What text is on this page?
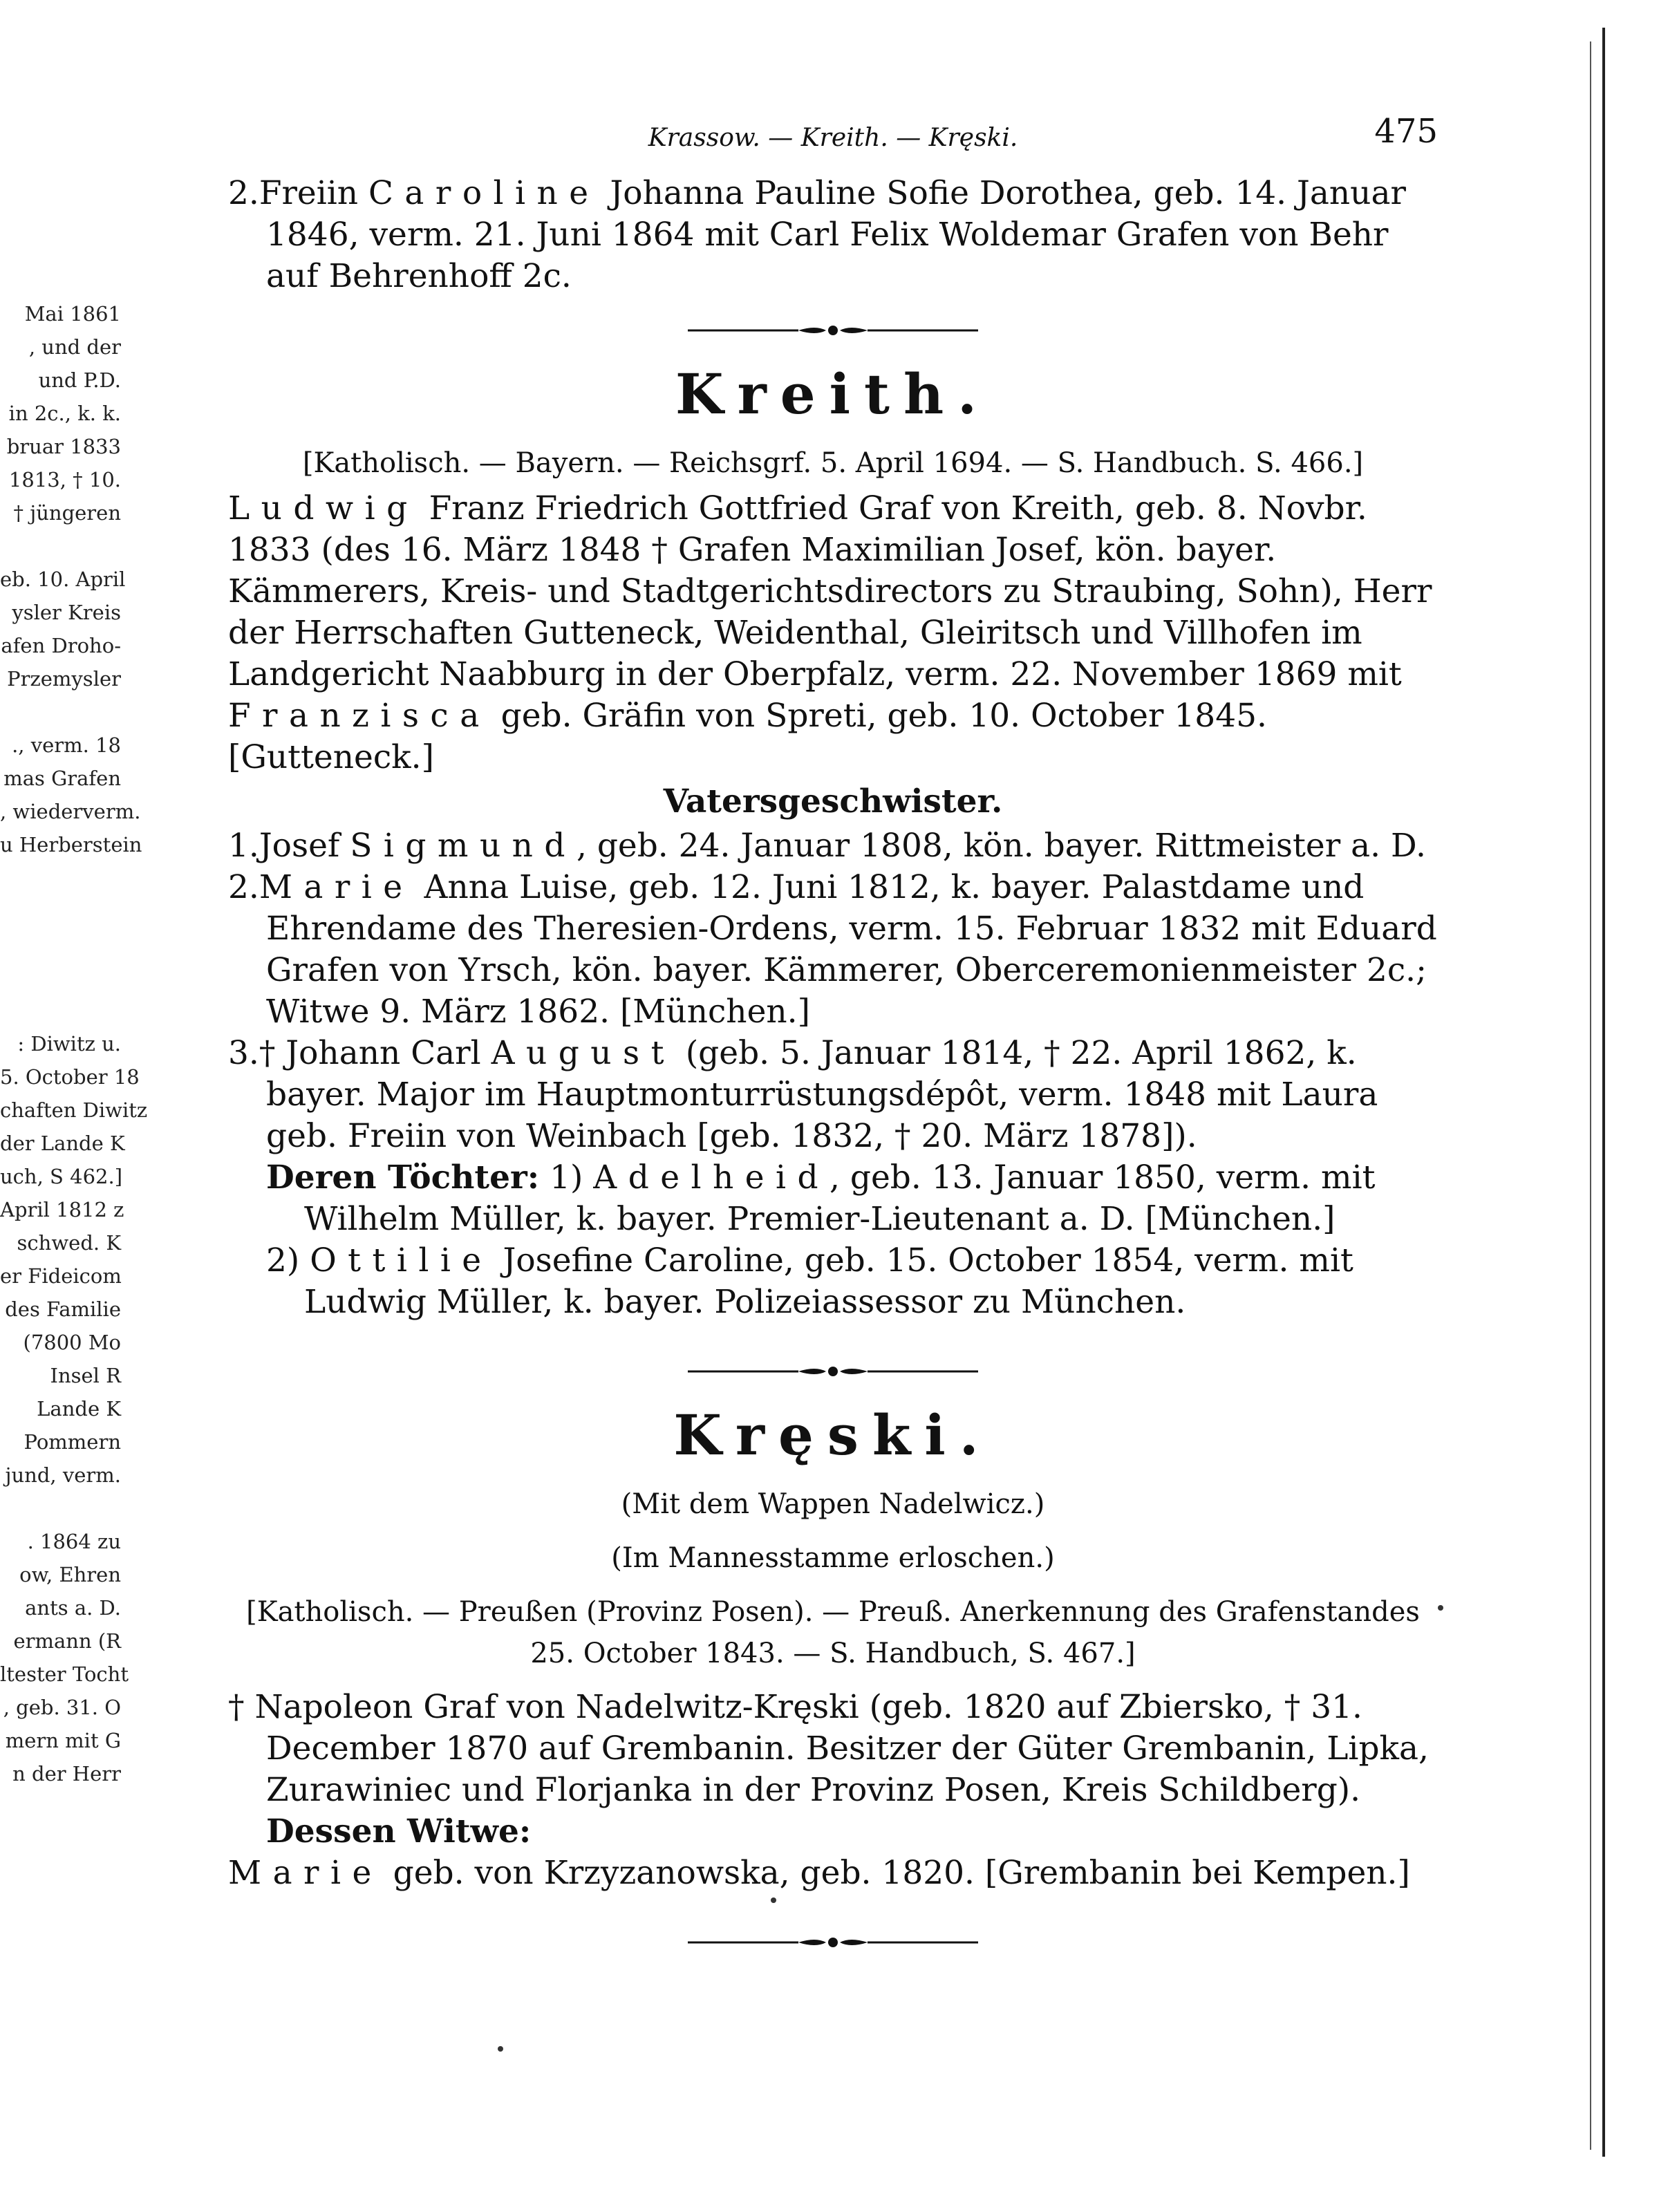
Mai 1861
, und der
und P.D.
in 2c., k. k.
bruar 1833
1813, † 10.
† jüngeren

eb. 10. April
ysler Kreis
afen Droho-
Przemysler

., verm. 18
mas Grafen
, wiederverm.
u Herberstein

: Diwitz u.
5. October 18
chaften Diwitz
der Lande K
uch, S 462.]
April 1812 z
schwed. K
er Fideicom
des Familie
(7800 Mo
Insel R
Lande K
Pommern
jund, verm.

. 1864 zu
ow, Ehren
ants a. D.
ermann (R
ltester Tocht
, geb. 31. O
mern mit G
n der Herr
Krassow. — Kreith. — Kręski.	475

2.Freiin Caroline Johanna Pauline Sofie Dorothea, geb. 14. Januar 1846, verm. 21. Juni 1864 mit Carl Felix Woldemar Grafen von Behr auf Behrenhoff 2c.

Kreith.

[Katholisch. — Bayern. — Reichsgrf. 5. April 1694. — S. Handbuch. S. 466.]

Ludwig Franz Friedrich Gottfried Graf von Kreith, geb. 8. Novbr. 1833 (des 16. März 1848 † Grafen Maximilian Josef, kön. bayer. Kämmerers, Kreis- und Stadtgerichtsdirectors zu Straubing, Sohn), Herr der Herrschaften Gutteneck, Weidenthal, Gleiritsch und Villhofen im Landgericht Naabburg in der Oberpfalz, verm. 22. November 1869 mit

Franzisca geb. Gräfin von Spreti, geb. 10. October 1845. [Gutteneck.]

Vatersgeschwister.

1.Josef Sigmund, geb. 24. Januar 1808, kön. bayer. Rittmeister a. D.

2.Marie Anna Luise, geb. 12. Juni 1812, k. bayer. Palastdame und Ehrendame des Theresien-Ordens, verm. 15. Februar 1832 mit Eduard Grafen von Yrsch, kön. bayer. Kämmerer, Oberceremonienmeister 2c.; Witwe 9. März 1862. [München.]

3.† Johann Carl August (geb. 5. Januar 1814, † 22. April 1862, k. bayer. Major im Hauptmonturrüstungsdépôt, verm. 1848 mit Laura geb. Freiin von Weinbach [geb. 1832, † 20. März 1878]).

Deren Töchter: 1) Adelheid, geb. 13. Januar 1850, verm. mit Wilhelm Müller, k. bayer. Premier-Lieutenant a. D. [München.]

2) Ottilie Josefine Caroline, geb. 15. October 1854, verm. mit Ludwig Müller, k. bayer. Polizeiassessor zu München.

Kręski.

(Mit dem Wappen Nadelwicz.)

(Im Mannesstamme erloschen.)

[Katholisch. — Preußen (Provinz Posen). — Preuß. Anerkennung des Grafenstandes 25. October 1843. — S. Handbuch, S. 467.]

† Napoleon Graf von Nadelwitz-Kręski (geb. 1820 auf Zbiersko, † 31. December 1870 auf Grembanin. Besitzer der Güter Grembanin, Lipka, Zurawiniec und Florjanka in der Provinz Posen, Kreis Schildberg). Dessen Witwe:

Marie geb. von Krzyzanowska, geb. 1820. [Grembanin bei Kempen.]
